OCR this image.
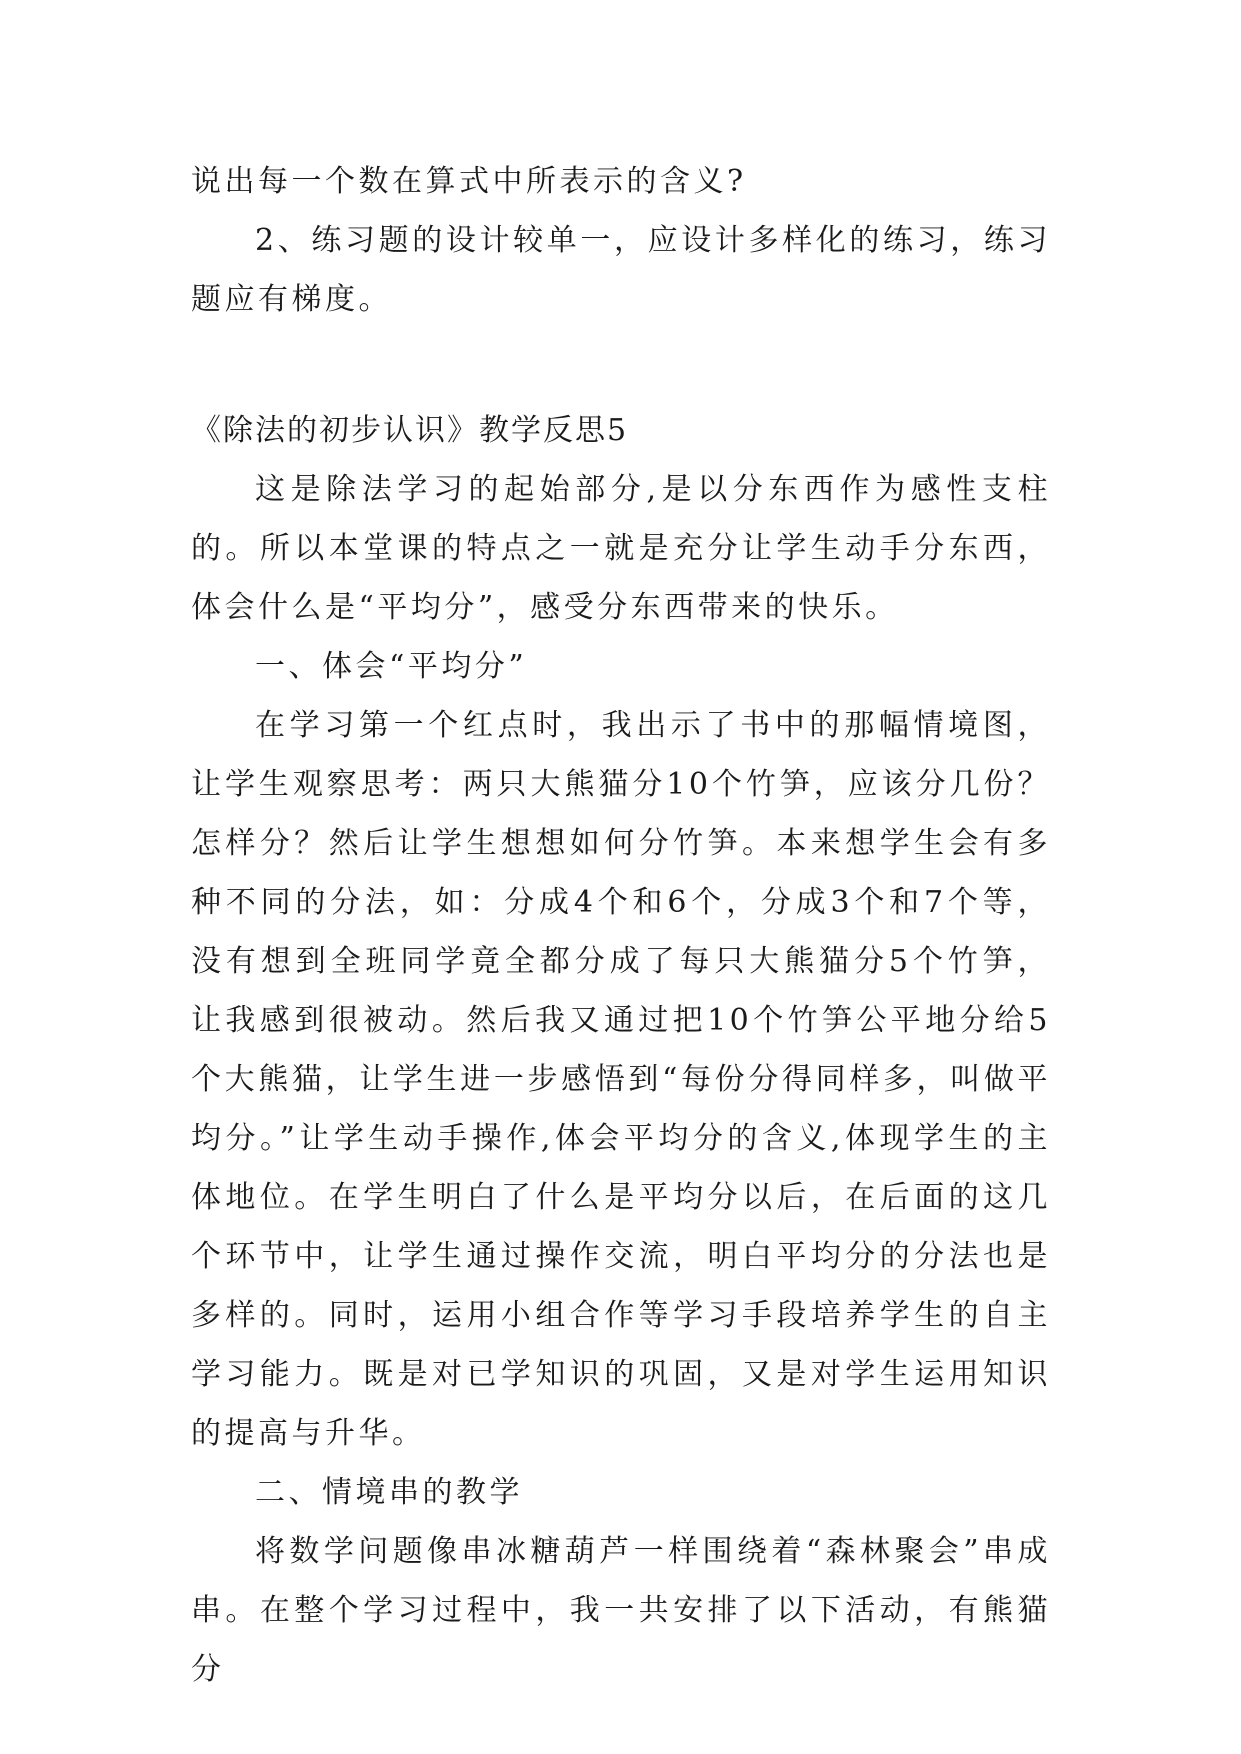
说出每一个数在算式中所表示的含义?

2、练习题的设计较单一，应设计多样化的练习，练习题应有梯度。

《除法的初步认识》教学反思5

这是除法学习的起始部分,是以分东西作为感性支柱的。所以本堂课的特点之一就是充分让学生动手分东西，体会什么是“平均分”，感受分东西带来的快乐。

一、体会“平均分”

在学习第一个红点时，我出示了书中的那幅情境图，让学生观察思考：两只大熊猫分10个竹笋，应该分几份？怎样分？然后让学生想想如何分竹笋。本来想学生会有多种不同的分法，如：分成4个和6个，分成3个和7个等，没有想到全班同学竟全都分成了每只大熊猫分5个竹笋，让我感到很被动。然后我又通过把10个竹笋公平地分给5个大熊猫，让学生进一步感悟到“每份分得同样多，叫做平均分。”让学生动手操作,体会平均分的含义,体现学生的主体地位。在学生明白了什么是平均分以后，在后面的这几个环节中，让学生通过操作交流，明白平均分的分法也是多样的。同时，运用小组合作等学习手段培养学生的自主学习能力。既是对已学知识的巩固，又是对学生运用知识的提高与升华。

二、情境串的教学

将数学问题像串冰糖葫芦一样围绕着“森林聚会”串成串。在整个学习过程中，我一共安排了以下活动，有熊猫分
